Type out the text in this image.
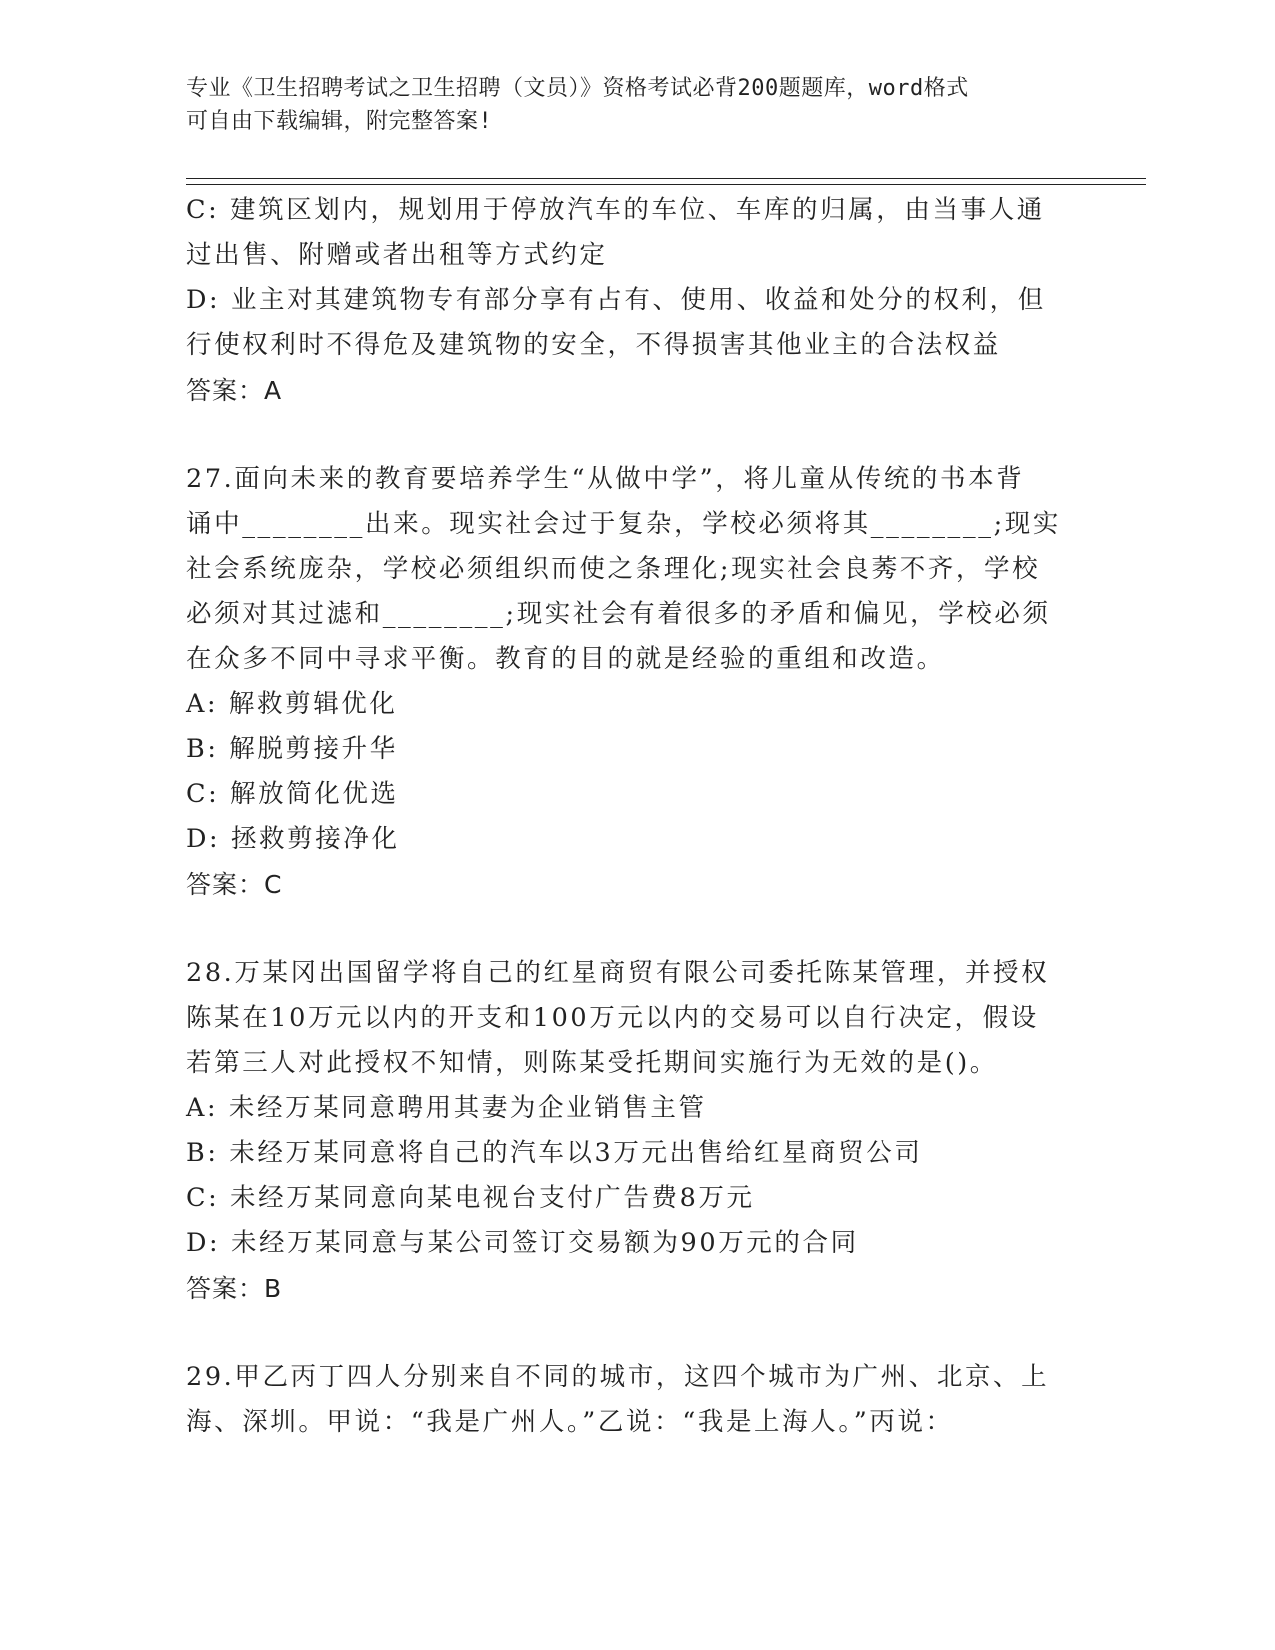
专业《卫生招聘考试之卫生招聘（文员）》资格考试必背200题题库，word格式
可自由下载编辑，附完整答案!
C: 建筑区划内，规划用于停放汽车的车位、车库的归属，由当事人通
过出售、附赠或者出租等方式约定
D: 业主对其建筑物专有部分享有占有、使用、收益和处分的权利，但
行使权利时不得危及建筑物的安全，不得损害其他业主的合法权益
答案：A
27.面向未来的教育要培养学生“从做中学”，将儿童从传统的书本背
诵中________出来。现实社会过于复杂，学校必须将其________;现实
社会系统庞杂，学校必须组织而使之条理化;现实社会良莠不齐，学校
必须对其过滤和________;现实社会有着很多的矛盾和偏见，学校必须
在众多不同中寻求平衡。教育的目的就是经验的重组和改造。
A: 解救剪辑优化
B: 解脱剪接升华
C: 解放简化优选
D: 拯救剪接净化
答案：C
28.万某冈出国留学将自己的红星商贸有限公司委托陈某管理，并授权
陈某在10万元以内的开支和100万元以内的交易可以自行决定，假设
若第三人对此授权不知情，则陈某受托期间实施行为无效的是()。
A: 未经万某同意聘用其妻为企业销售主管
B: 未经万某同意将自己的汽车以3万元出售给红星商贸公司
C: 未经万某同意向某电视台支付广告费8万元
D: 未经万某同意与某公司签订交易额为90万元的合同
答案：B
29.甲乙丙丁四人分别来自不同的城市，这四个城市为广州、北京、上
海、深圳。甲说：“我是广州人。”乙说：“我是上海人。”丙说：
